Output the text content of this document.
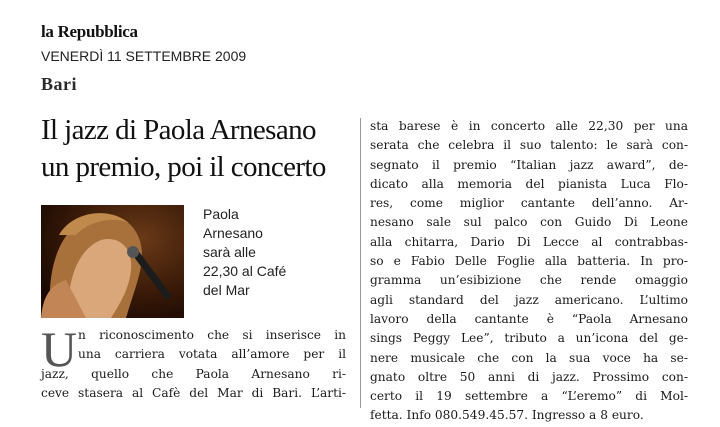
la Repubblica
VENERDÌ 11 SETTEMBRE 2009
Bari
Il jazz di Paola Arnesano
un premio, poi il concerto
Paola
Arnesano
sarà alle
22,30 al Café
del Mar
U n riconoscimento che si inserisce in
una carriera votata all’amore per il
jazz, quello che Paola Arnesano ri-
ceve stasera al Cafè del Mar di Bari. L’arti-
sta barese è in concerto alle 22,30 per una
serata che celebra il suo talento: le sarà con-
segnato il premio “Italian jazz award”, de-
dicato alla memoria del pianista Luca Flo-
res, come miglior cantante dell’anno. Ar-
nesano sale sul palco con Guido Di Leone
alla chitarra, Dario Di Lecce al contrabbas-
so e Fabio Delle Foglie alla batteria. In pro-
gramma un’esibizione che rende omaggio
agli standard del jazz americano. L’ultimo
lavoro della cantante è “Paola Arnesano
sings Peggy Lee”, tributo a un’icona del ge-
nere musicale che con la sua voce ha se-
gnato oltre 50 anni di jazz. Prossimo con-
certo il 19 settembre a “L’eremo” di Mol-
fetta. Info 080.549.45.57. Ingresso a 8 euro.
